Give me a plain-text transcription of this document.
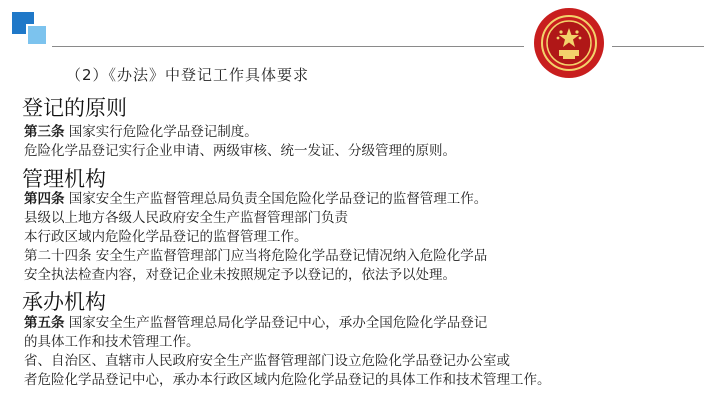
（2）《办法》中登记工作具体要求
登记的原则
第三条 国家实行危险化学品登记制度。
危险化学品登记实行企业申请、两级审核、统一发证、分级管理的原则。
管理机构
第四条 国家安全生产监督管理总局负责全国危险化学品登记的监督管理工作。
县级以上地方各级人民政府安全生产监督管理部门负责
本行政区域内危险化学品登记的监督管理工作。
第二十四条 安全生产监督管理部门应当将危险化学品登记情况纳入危险化学品
安全执法检查内容，对登记企业未按照规定予以登记的，依法予以处理。
承办机构
第五条 国家安全生产监督管理总局化学品登记中心，承办全国危险化学品登记
的具体工作和技术管理工作。
省、自治区、直辖市人民政府安全生产监督管理部门设立危险化学品登记办公室或
者危险化学品登记中心，承办本行政区域内危险化学品登记的具体工作和技术管理工作。
